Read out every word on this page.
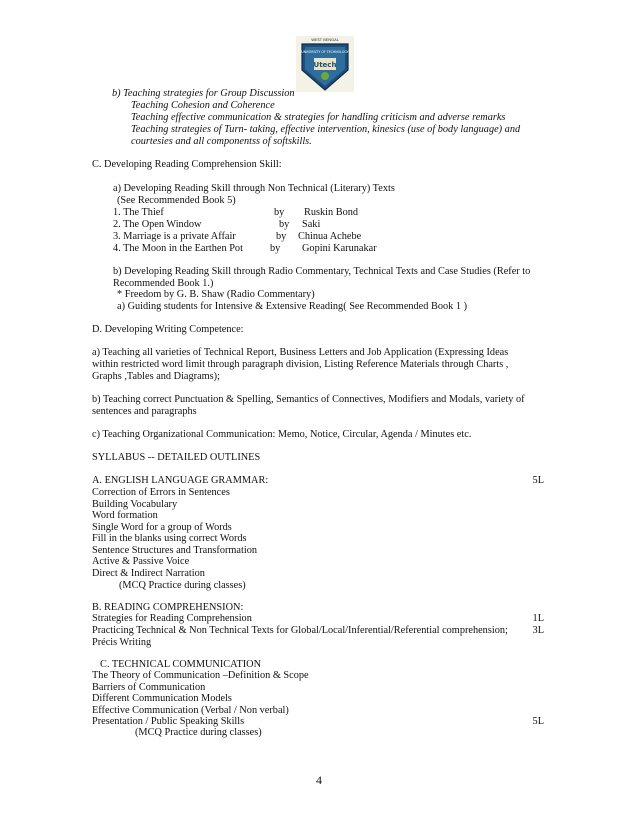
WEST BENGAL
UNIVERSITY OF TECHNOLOGY
Utech
b) Teaching strategies for Group Discussion
Teaching Cohesion and Coherence
Teaching effective communication & strategies for handling criticism and adverse remarks
Teaching strategies of Turn- taking, effective intervention, kinesics (use of body language) and
courtesies and all componentss of softskills.
C. Developing Reading Comprehension Skill:
a) Developing Reading Skill through Non Technical (Literary) Texts
(See Recommended Book 5)
1. The Thief	by Ruskin Bond
2. The Open Window	by Saki
3. Marriage is a private Affair	by Chinua Achebe
4. The Moon in the Earthen Pot	by Gopini Karunakar
b) Developing Reading Skill through Radio Commentary, Technical Texts and Case Studies (Refer to
Recommended Book 1.)
* Freedom by G. B. Shaw (Radio Commentary)
a) Guiding students for Intensive & Extensive Reading( See Recommended Book 1 )
D. Developing Writing Competence:
a) Teaching all varieties of Technical Report, Business Letters and Job Application (Expressing Ideas
within restricted word limit through paragraph division, Listing Reference Materials through Charts ,
Graphs ,Tables and Diagrams);
b) Teaching correct Punctuation & Spelling, Semantics of Connectives, Modifiers and Modals, variety of
sentences and paragraphs
c) Teaching Organizational Communication: Memo, Notice, Circular, Agenda / Minutes etc.
SYLLABUS -- DETAILED OUTLINES
A. ENGLISH LANGUAGE GRAMMAR:	5L
Correction of Errors in Sentences
Building Vocabulary
Word formation
Single Word for a group of Words
Fill in the blanks using correct Words
Sentence Structures and Transformation
Active & Passive Voice
Direct & Indirect Narration
(MCQ Practice during classes)
B. READING COMPREHENSION:
Strategies for Reading Comprehension	1L
Practicing Technical & Non Technical Texts for Global/Local/Inferential/Referential comprehension; 3L
Précis Writing
C. TECHNICAL COMMUNICATION
The Theory of Communication –Definition & Scope
Barriers of Communication
Different Communication Models
Effective Communication (Verbal / Non verbal)
Presentation / Public Speaking Skills	5L
(MCQ Practice during classes)
4
